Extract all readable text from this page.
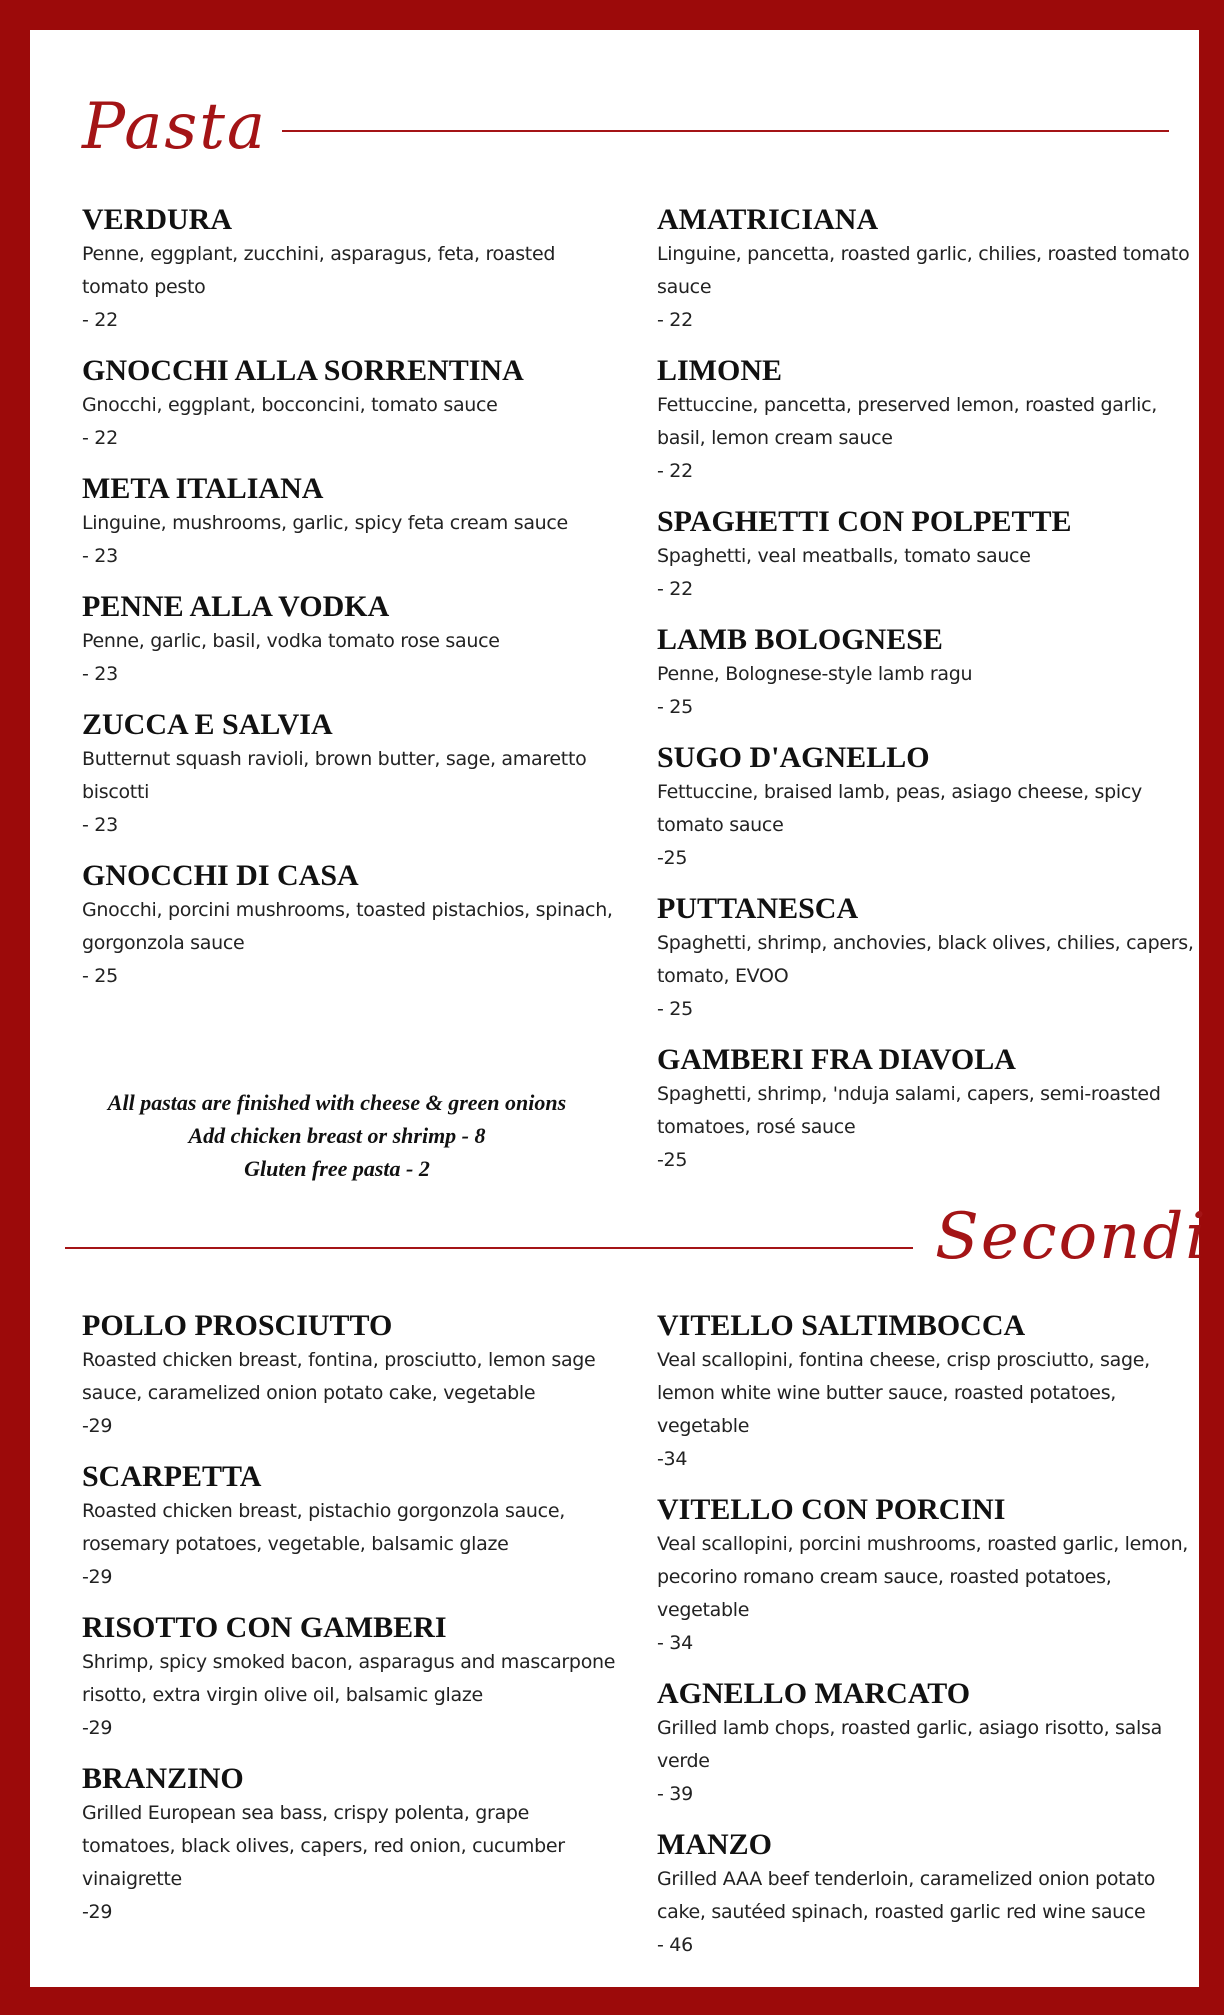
Pasta
VERDURA
Penne, eggplant, zucchini, asparagus, feta, roasted tomato pesto
- 22
GNOCCHI ALLA SORRENTINA
Gnocchi, eggplant, bocconcini, tomato sauce
- 22
META ITALIANA
Linguine, mushrooms, garlic, spicy feta cream sauce
- 23
PENNE ALLA VODKA
Penne, garlic, basil, vodka tomato rose sauce
- 23
ZUCCA E SALVIA
Butternut squash ravioli, brown butter, sage, amaretto biscotti
- 23
GNOCCHI DI CASA
Gnocchi, porcini mushrooms, toasted pistachios, spinach, gorgonzola sauce
- 25
AMATRICIANA
Linguine, pancetta, roasted garlic, chilies, roasted tomato sauce
- 22
LIMONE
Fettuccine, pancetta, preserved lemon, roasted garlic, basil, lemon cream sauce
- 22
SPAGHETTI CON POLPETTE
Spaghetti, veal meatballs, tomato sauce
- 22
LAMB BOLOGNESE
Penne, Bolognese-style lamb ragu
- 25
SUGO D'AGNELLO
Fettuccine, braised lamb, peas, asiago cheese, spicy tomato sauce
-25
PUTTANESCA
Spaghetti, shrimp, anchovies, black olives, chilies, capers, tomato, EVOO
- 25
GAMBERI FRA DIAVOLA
Spaghetti, shrimp, 'nduja salami, capers, semi-roasted tomatoes, rosé sauce
-25
All pastas are finished with cheese & green onions
Add chicken breast or shrimp - 8
Gluten free pasta - 2
Secondi
POLLO PROSCIUTTO
Roasted chicken breast, fontina, prosciutto, lemon sage sauce, caramelized onion potato cake, vegetable
-29
SCARPETTA
Roasted chicken breast, pistachio gorgonzola sauce, rosemary potatoes, vegetable, balsamic glaze
-29
RISOTTO CON GAMBERI
Shrimp, spicy smoked bacon, asparagus and mascarpone risotto, extra virgin olive oil, balsamic glaze
-29
BRANZINO
Grilled European sea bass, crispy polenta, grape tomatoes, black olives, capers, red onion, cucumber vinaigrette
-29
VITELLO SALTIMBOCCA
Veal scallopini, fontina cheese, crisp prosciutto, sage, lemon white wine butter sauce, roasted potatoes, vegetable
-34
VITELLO CON PORCINI
Veal scallopini, porcini mushrooms, roasted garlic, lemon, pecorino romano cream sauce, roasted potatoes, vegetable
- 34
AGNELLO MARCATO
Grilled lamb chops, roasted garlic, asiago risotto, salsa verde
- 39
MANZO
Grilled AAA beef tenderloin, caramelized onion potato cake, sautéed spinach, roasted garlic red wine sauce
- 46
